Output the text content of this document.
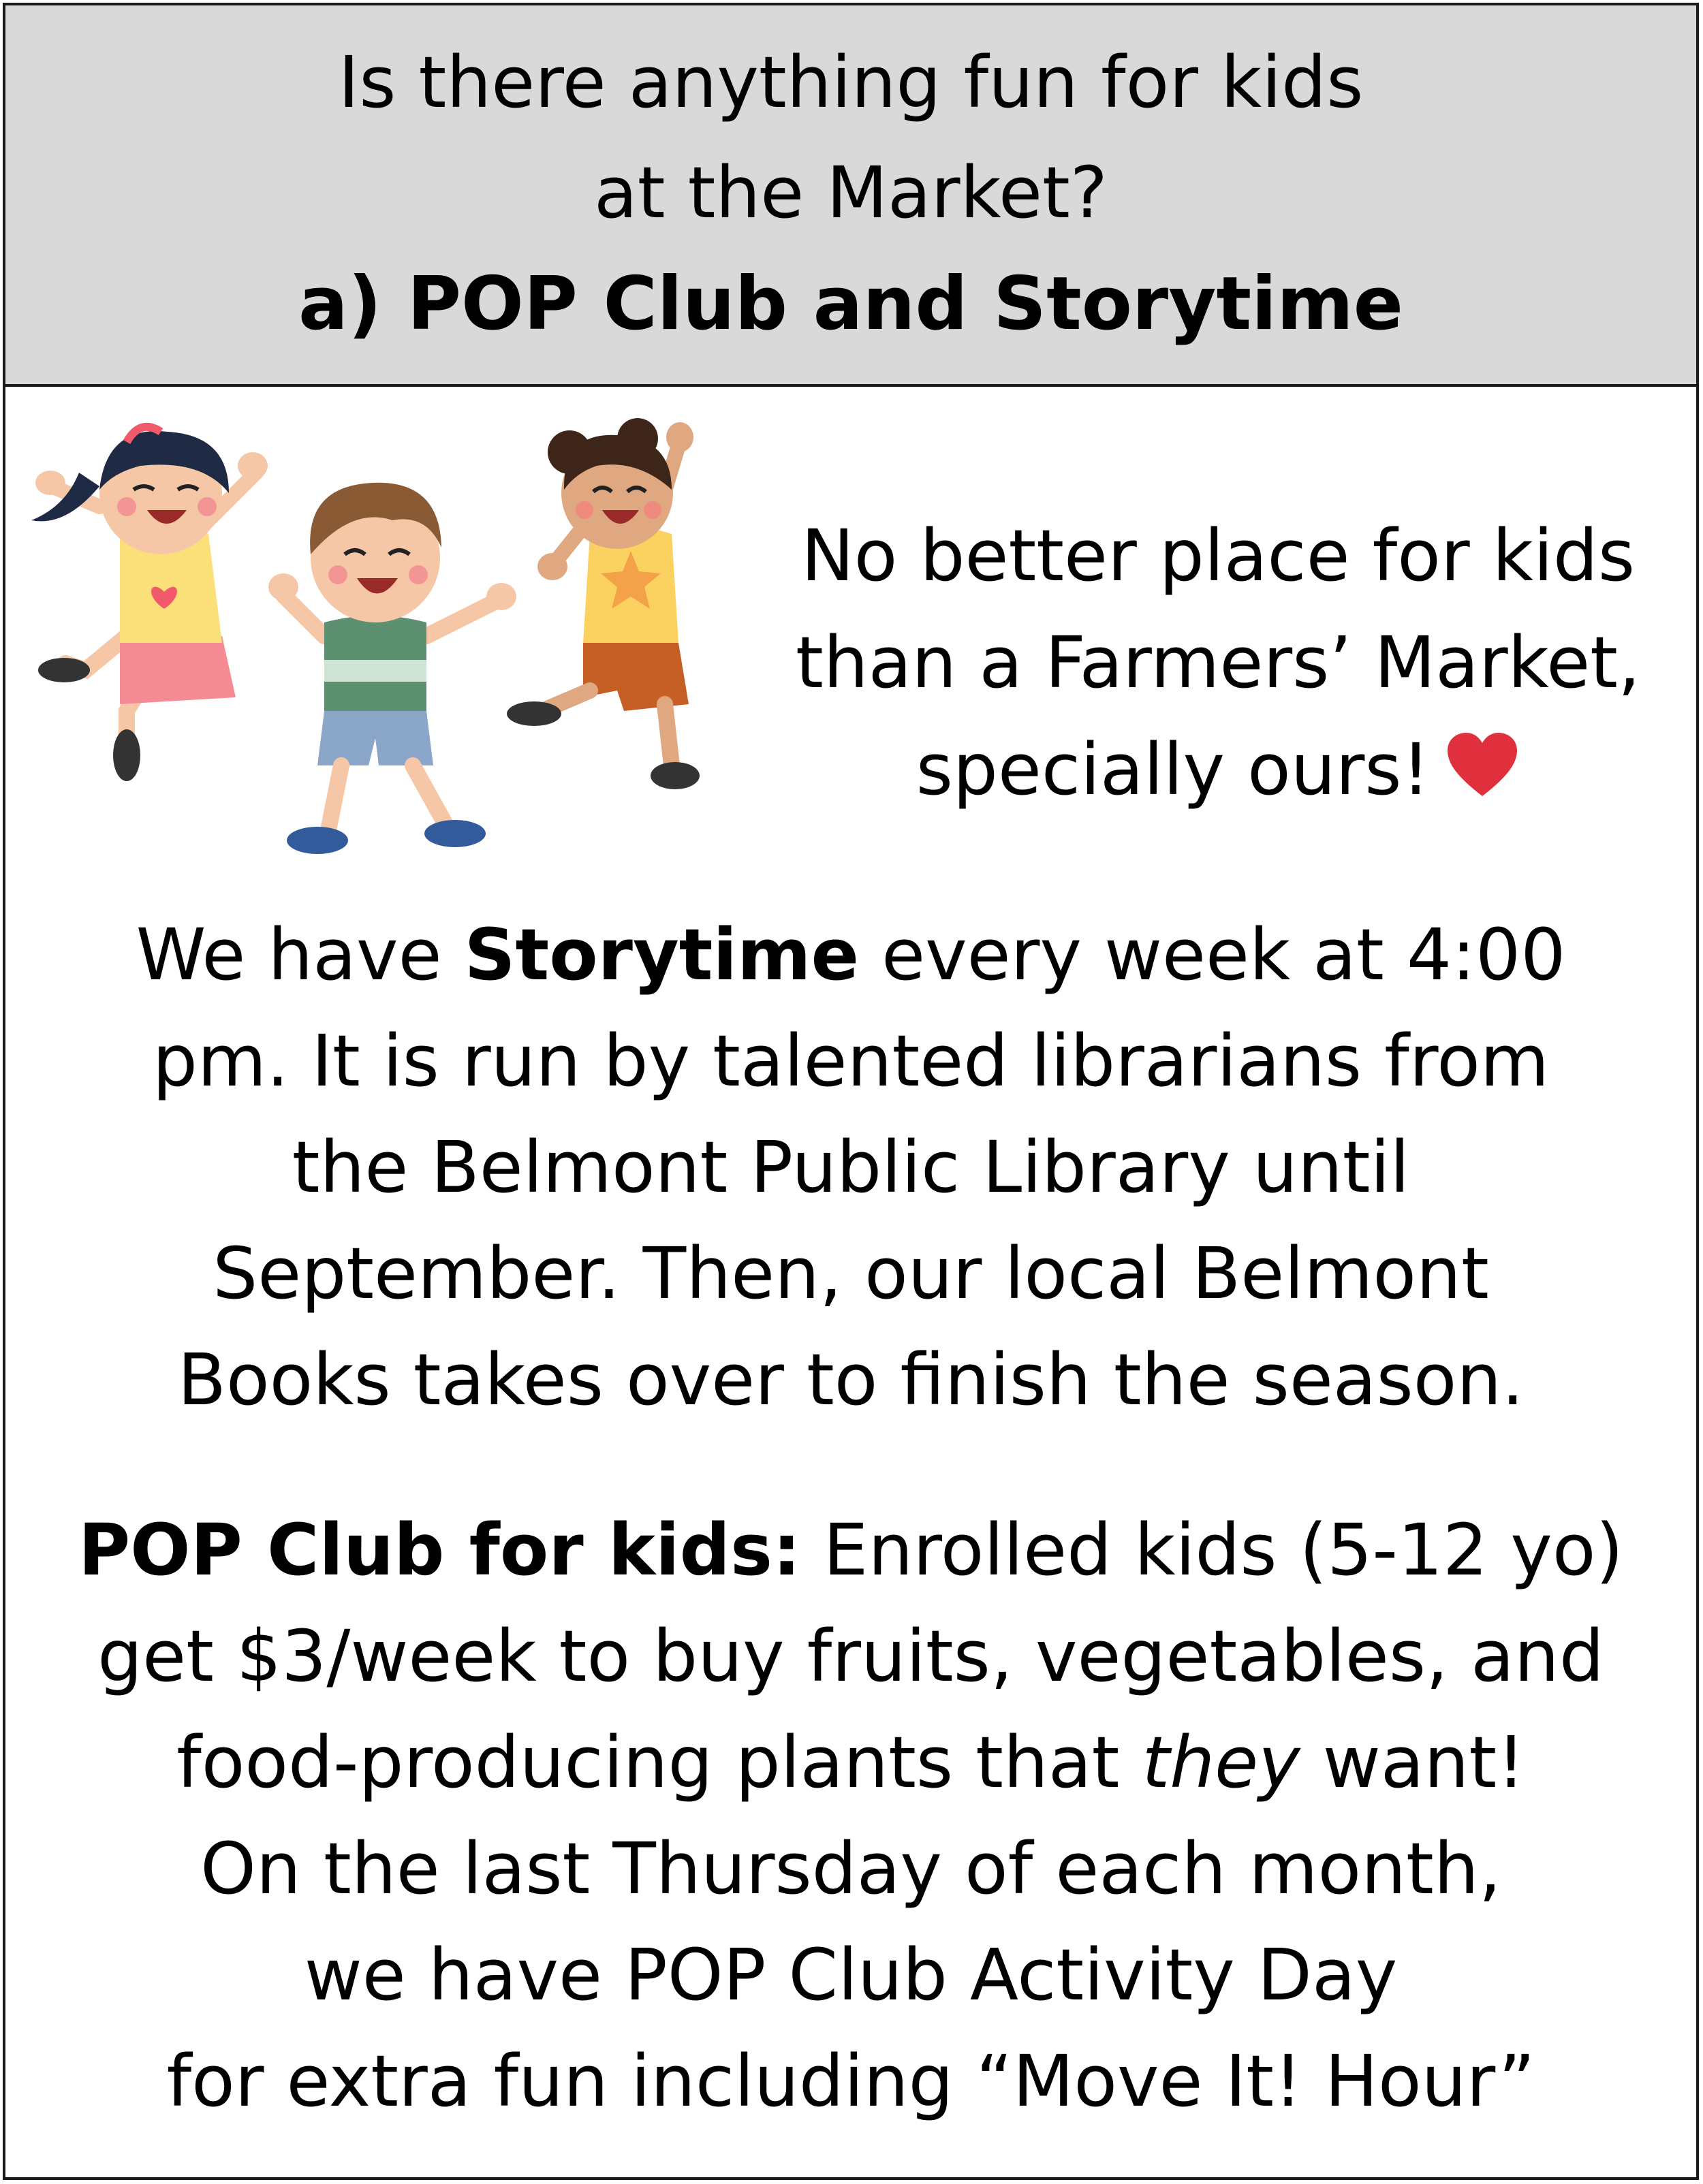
Is there anything fun for kids
at the Market?
a) POP Club and Storytime
No better place for kids
than a Farmers’ Market,
specially ours!
We have Storytime every week at 4:00
pm. It is run by talented librarians from
the Belmont Public Library until
September. Then, our local Belmont
Books takes over to finish the season.
POP Club for kids: Enrolled kids (5-12 yo)
get $3/week to buy fruits, vegetables, and
food-producing plants that they want!
On the last Thursday of each month,
we have POP Club Activity Day
for extra fun including “Move It! Hour”
